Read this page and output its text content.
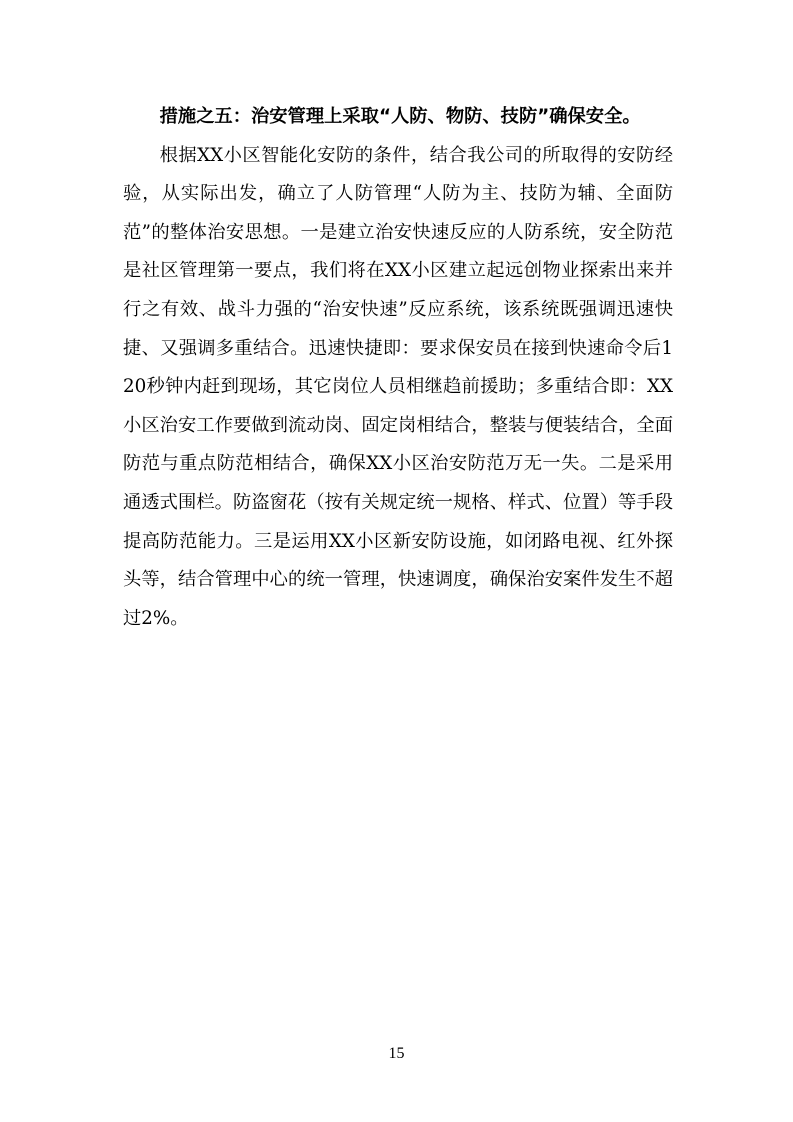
措施之五：治安管理上采取“人防、物防、技防”确保安全。

根据XX小区智能化安防的条件，结合我公司的所取得的安防经验，从实际出发，确立了人防管理“人防为主、技防为辅、全面防范”的整体治安思想。一是建立治安快速反应的人防系统，安全防范是社区管理第一要点，我们将在XX小区建立起远创物业探索出来并行之有效、战斗力强的“治安快速”反应系统，该系统既强调迅速快捷、又强调多重结合。迅速快捷即：要求保安员在接到快速命令后120秒钟内赶到现场，其它岗位人员相继趋前援助；多重结合即：XX小区治安工作要做到流动岗、固定岗相结合，整装与便装结合，全面防范与重点防范相结合，确保XX小区治安防范万无一失。二是采用通透式围栏。防盗窗花（按有关规定统一规格、样式、位置）等手段提高防范能力。三是运用XX小区新安防设施，如闭路电视、红外探头等，结合管理中心的统一管理，快速调度，确保治安案件发生不超过2%。

15
